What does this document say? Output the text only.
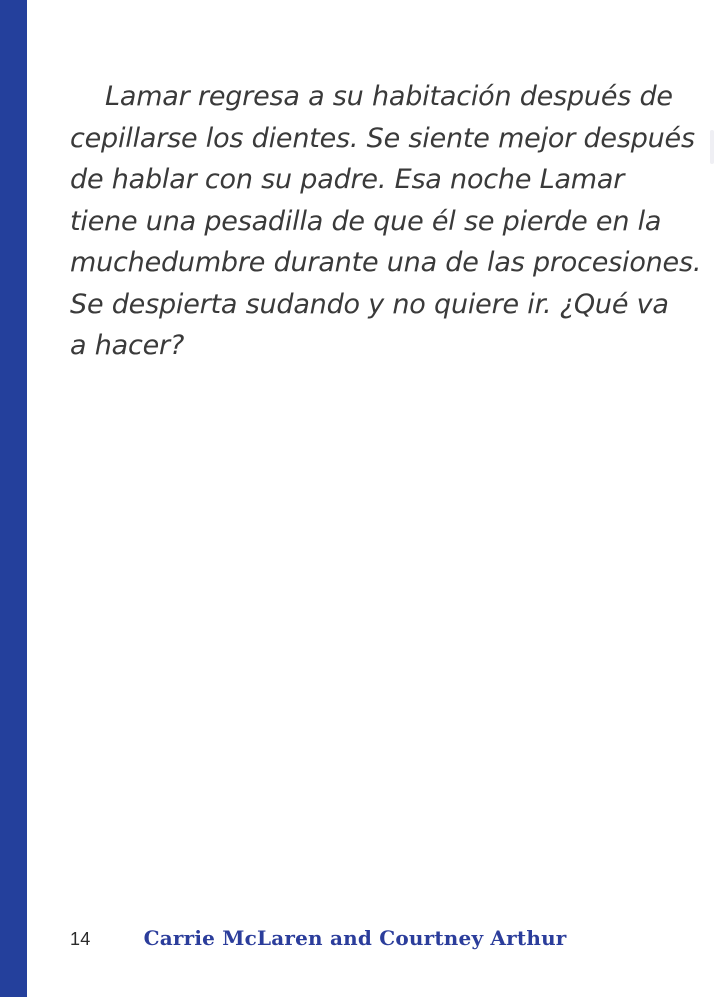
Lamar regresa a su habitación después de
cepillarse los dientes. Se siente mejor después
de hablar con su padre. Esa noche Lamar
tiene una pesadilla de que él se pierde en la
muchedumbre durante una de las procesiones.
Se despierta sudando y no quiere ir. ¿Qué va
a hacer?
14	Carrie McLaren and Courtney Arthur
